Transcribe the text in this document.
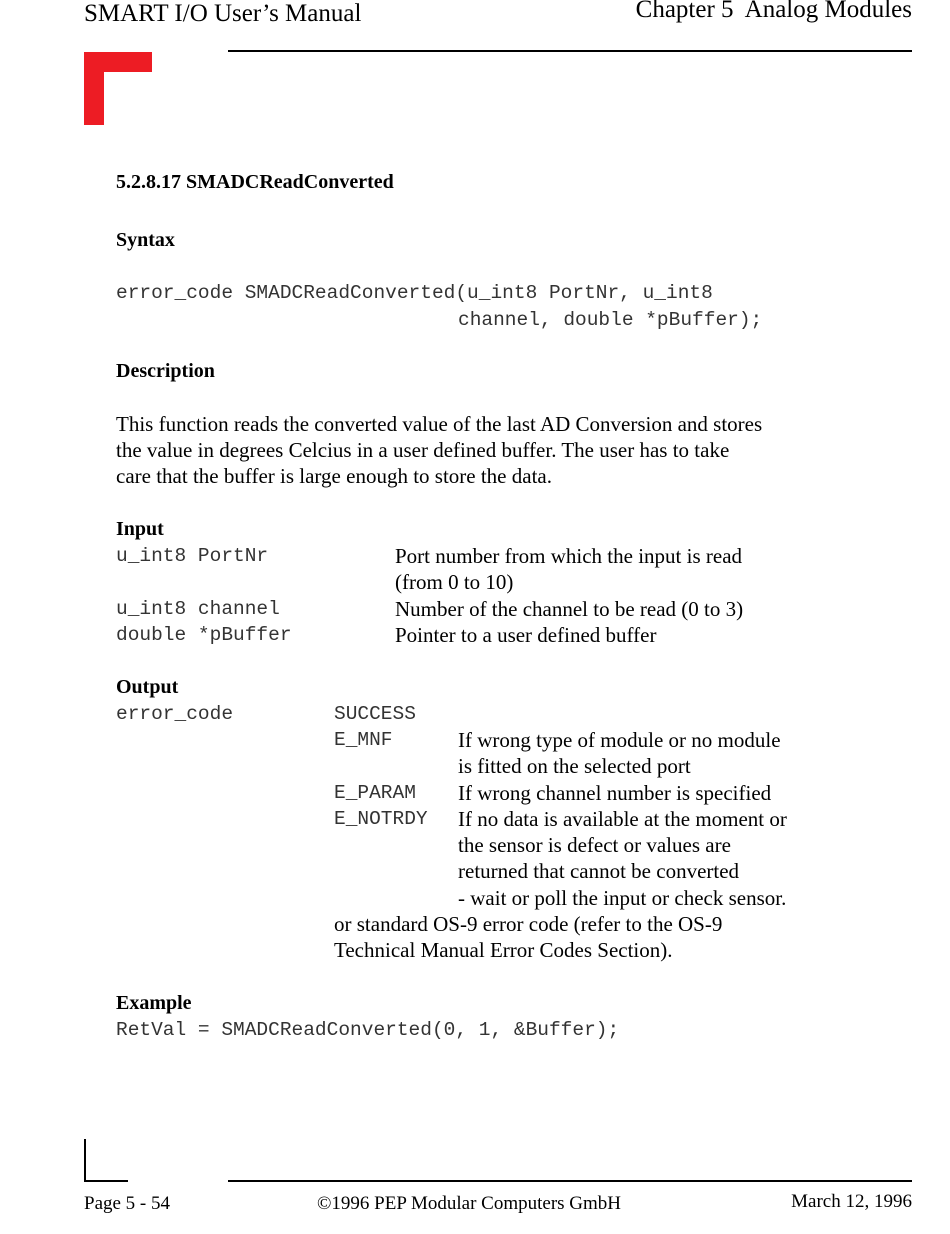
SMART I/O User’s Manual	Chapter 5  Analog Modules
5.2.8.17 SMADCReadConverted
Syntax
error_code SMADCReadConverted(u_int8 PortNr, u_int8
channel, double *pBuffer);
Description
This function reads the converted value of the last AD Conversion and stores
the value in degrees Celcius in a user defined buffer. The user has to take
care that the buffer is large enough to store the data.
Input
u_int8 PortNr	Port number from which the input is read
(from 0 to 10)
u_int8 channel	Number of the channel to be read (0 to 3)
double *pBuffer	Pointer to a user defined buffer
Output
error_code	SUCCESS
E_MNF	If wrong type of module or no module
is fitted on the selected port
E_PARAM If wrong channel number is specified
E_NOTRDY If no data is available at the moment or
the sensor is defect or values are
returned that cannot be converted
- wait or poll the input or check sensor.
or standard OS-9 error code (refer to the OS-9
Technical Manual Error Codes Section).
Example
RetVal = SMADCReadConverted(0, 1, &Buffer);
Page 5 - 54	©1996 PEP Modular Computers GmbH	March 12, 1996
